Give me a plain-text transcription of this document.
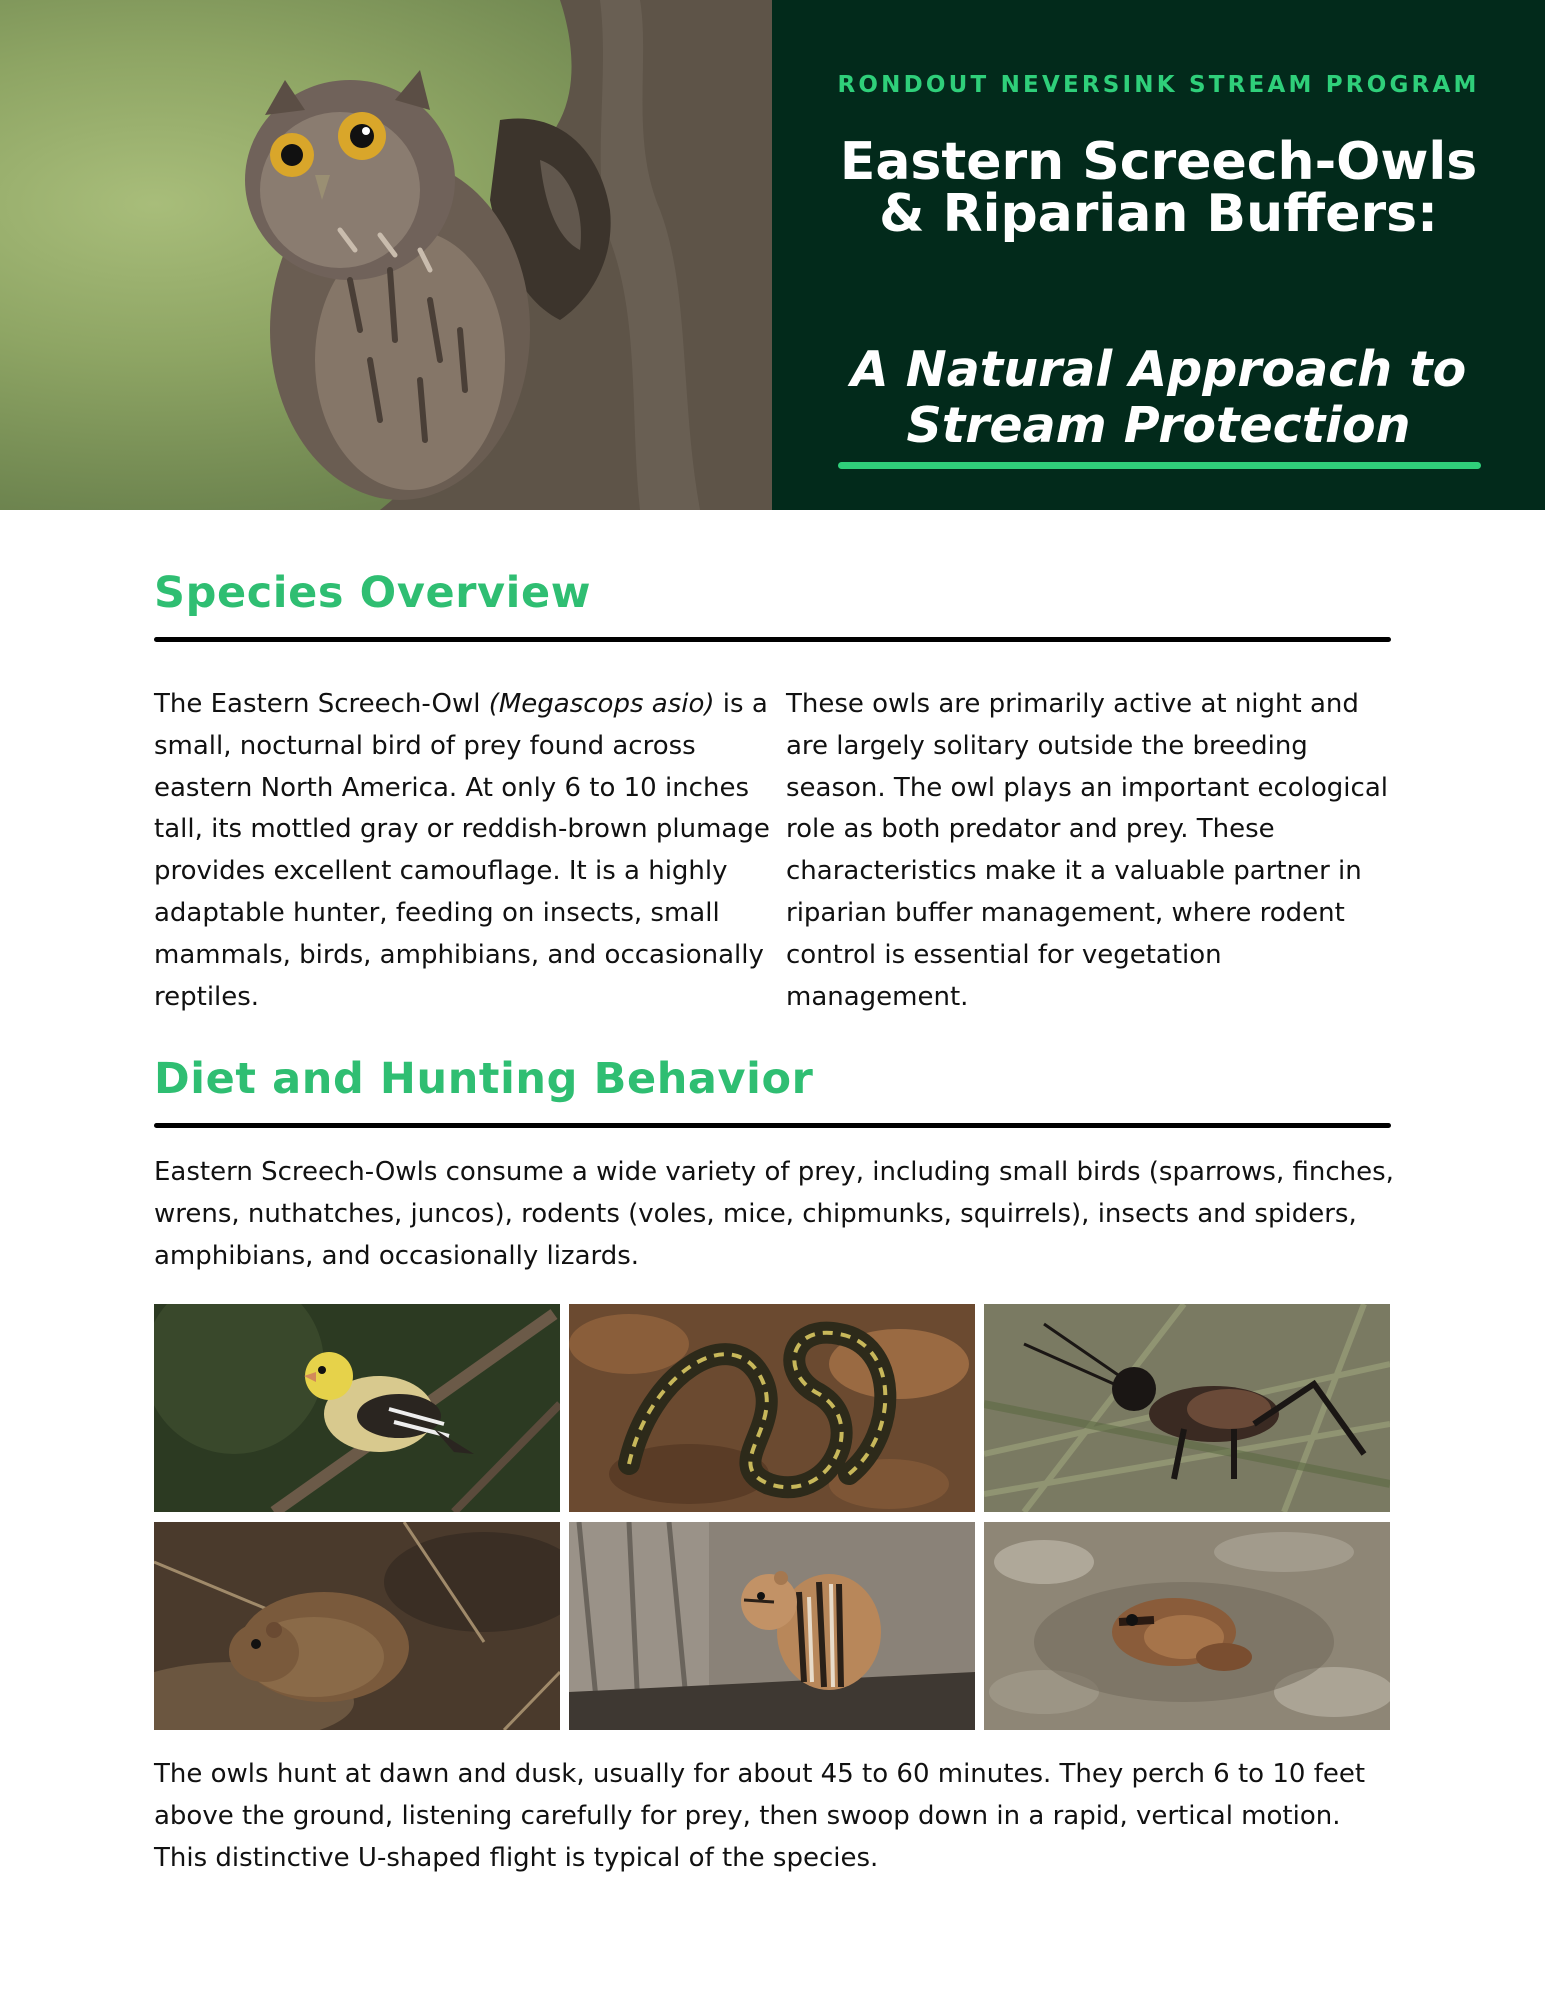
RONDOUT NEVERSINK STREAM PROGRAM
Eastern Screech-Owls & Riparian Buffers:
A Natural Approach to Stream Protection
Species Overview
The Eastern Screech-Owl (Megascops asio) is a small, nocturnal bird of prey found across eastern North America. At only 6 to 10 inches tall, its mottled gray or reddish-brown plumage provides excellent camouflage. It is a highly adaptable hunter, feeding on insects, small mammals, birds, amphibians, and occasionally reptiles.
These owls are primarily active at night and are largely solitary outside the breeding season. The owl plays an important ecological role as both predator and prey. These characteristics make it a valuable partner in riparian buffer management, where rodent control is essential for vegetation management.
Diet and Hunting Behavior
Eastern Screech-Owls consume a wide variety of prey, including small birds (sparrows, finches, wrens, nuthatches, juncos), rodents (voles, mice, chipmunks, squirrels), insects and spiders, amphibians, and occasionally lizards.
The owls hunt at dawn and dusk, usually for about 45 to 60 minutes. They perch 6 to 10 feet above the ground, listening carefully for prey, then swoop down in a rapid, vertical motion. This distinctive U-shaped flight is typical of the species.
